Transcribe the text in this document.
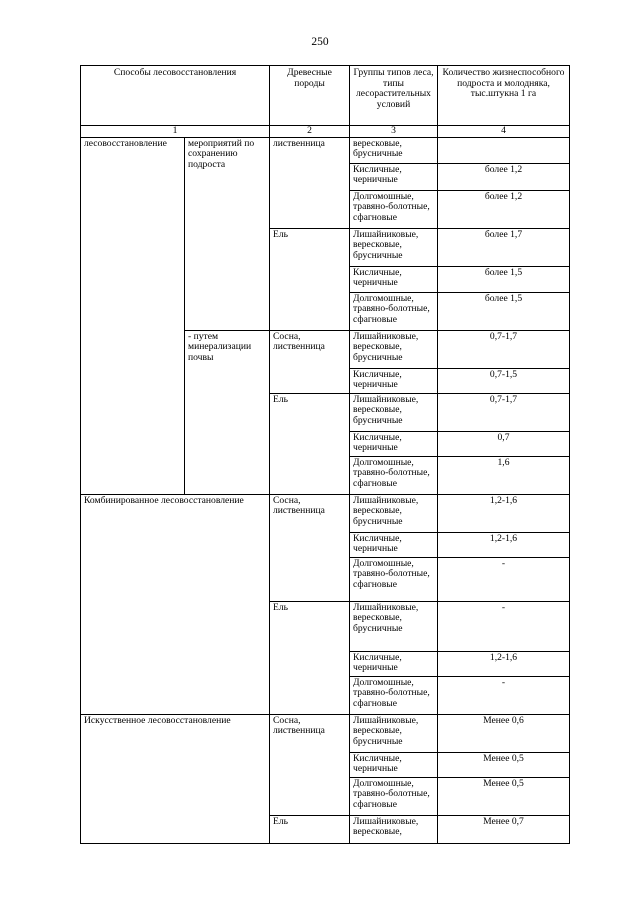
250
Способы лесовосстановления		Древесные породы	Группы типов леса, типы лесорастительных условий	Количество жизнеспособного подроста и молодняка, тыс.штукна 1 га
1		2	3	4
лесовосстановление	мероприятий по сохранению подроста	лиственница	вересковые, брусничные	
			Кисличные, черничные	более 1,2
			Долгомошные, травяно-болотные, сфагновые	более 1,2
		Ель	Лишайниковые, вересковые, брусничные	более 1,7
			Кисличные, черничные	более 1,5
			Долгомошные, травяно-болотные, сфагновые	более 1,5
	- путем минерализации почвы	Сосна, лиственница	Лишайниковые, вересковые, брусничные	0,7-1,7
			Кисличные, черничные	0,7-1,5
		Ель	Лишайниковые, вересковые, брусничные	0,7-1,7
			Кисличные, черничные	0,7
			Долгомошные, травяно-болотные, сфагновые	1,6
Комбинированное лесовосстановление		Сосна, лиственница	Лишайниковые, вересковые, брусничные	1,2-1,6
			Кисличные, черничные	1,2-1,6
			Долгомошные, травяно-болотные, сфагновые	-
		Ель	Лишайниковые, вересковые, брусничные	-
			Кисличные, черничные	1,2-1,6
			Долгомошные, травяно-болотные, сфагновые	-
Искусственное лесовосстановление		Сосна, лиственница	Лишайниковые, вересковые, брусничные	Менее 0,6
			Кисличные, черничные	Менее 0,5
			Долгомошные, травяно-болотные, сфагновые	Менее 0,5
		Ель	Лишайниковые, вересковые,	Менее 0,7
